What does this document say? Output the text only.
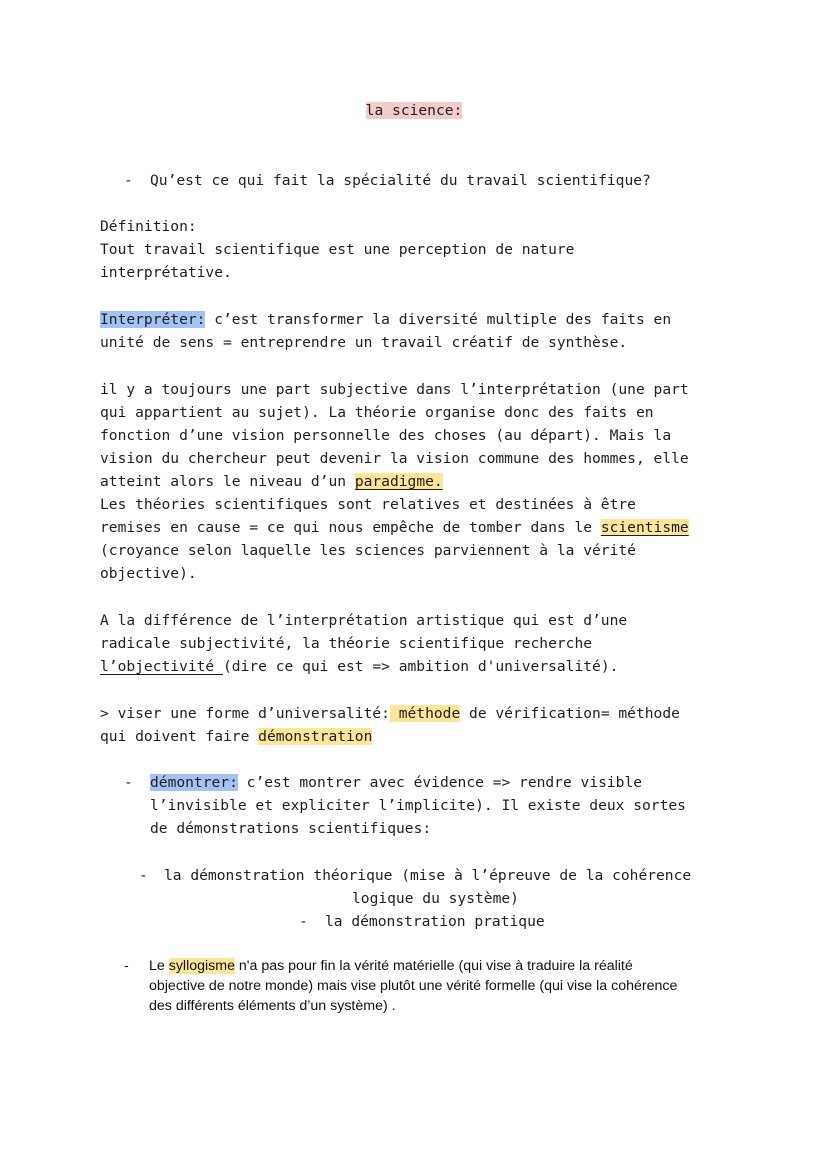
la science:
- Qu’est ce qui fait la spécialité du travail scientifique?
Définition:
Tout travail scientifique est une perception de nature
interprétative.
Interpréter: c’est transformer la diversité multiple des faits en
unité de sens = entreprendre un travail créatif de synthèse.
il y a toujours une part subjective dans l’interprétation (une part
qui appartient au sujet). La théorie organise donc des faits en
fonction d’une vision personnelle des choses (au départ). Mais la
vision du chercheur peut devenir la vision commune des hommes, elle
atteint alors le niveau d’un paradigme.
Les théories scientifiques sont relatives et destinées à être
remises en cause = ce qui nous empêche de tomber dans le scientisme
(croyance selon laquelle les sciences parviennent à la vérité
objective).
A la différence de l’interprétation artistique qui est d’une
radicale subjectivité, la théorie scientifique recherche
l’objectivité (dire ce qui est => ambition d'universalité).
> viser une forme d’universalité: méthode de vérification= méthode
qui doivent faire démonstration
- démontrer: c’est montrer avec évidence => rendre visible
l’invisible et expliciter l’implicite). Il existe deux sortes
de démonstrations scientifiques:
- la démonstration théorique (mise à l’épreuve de la cohérence
logique du système)
- la démonstration pratique
- Le syllogisme n'a pas pour fin la vérité matérielle (qui vise à traduire la réalité
objective de notre monde) mais vise plutôt une vérité formelle (qui vise la cohérence
des différents éléments d’un système) .
